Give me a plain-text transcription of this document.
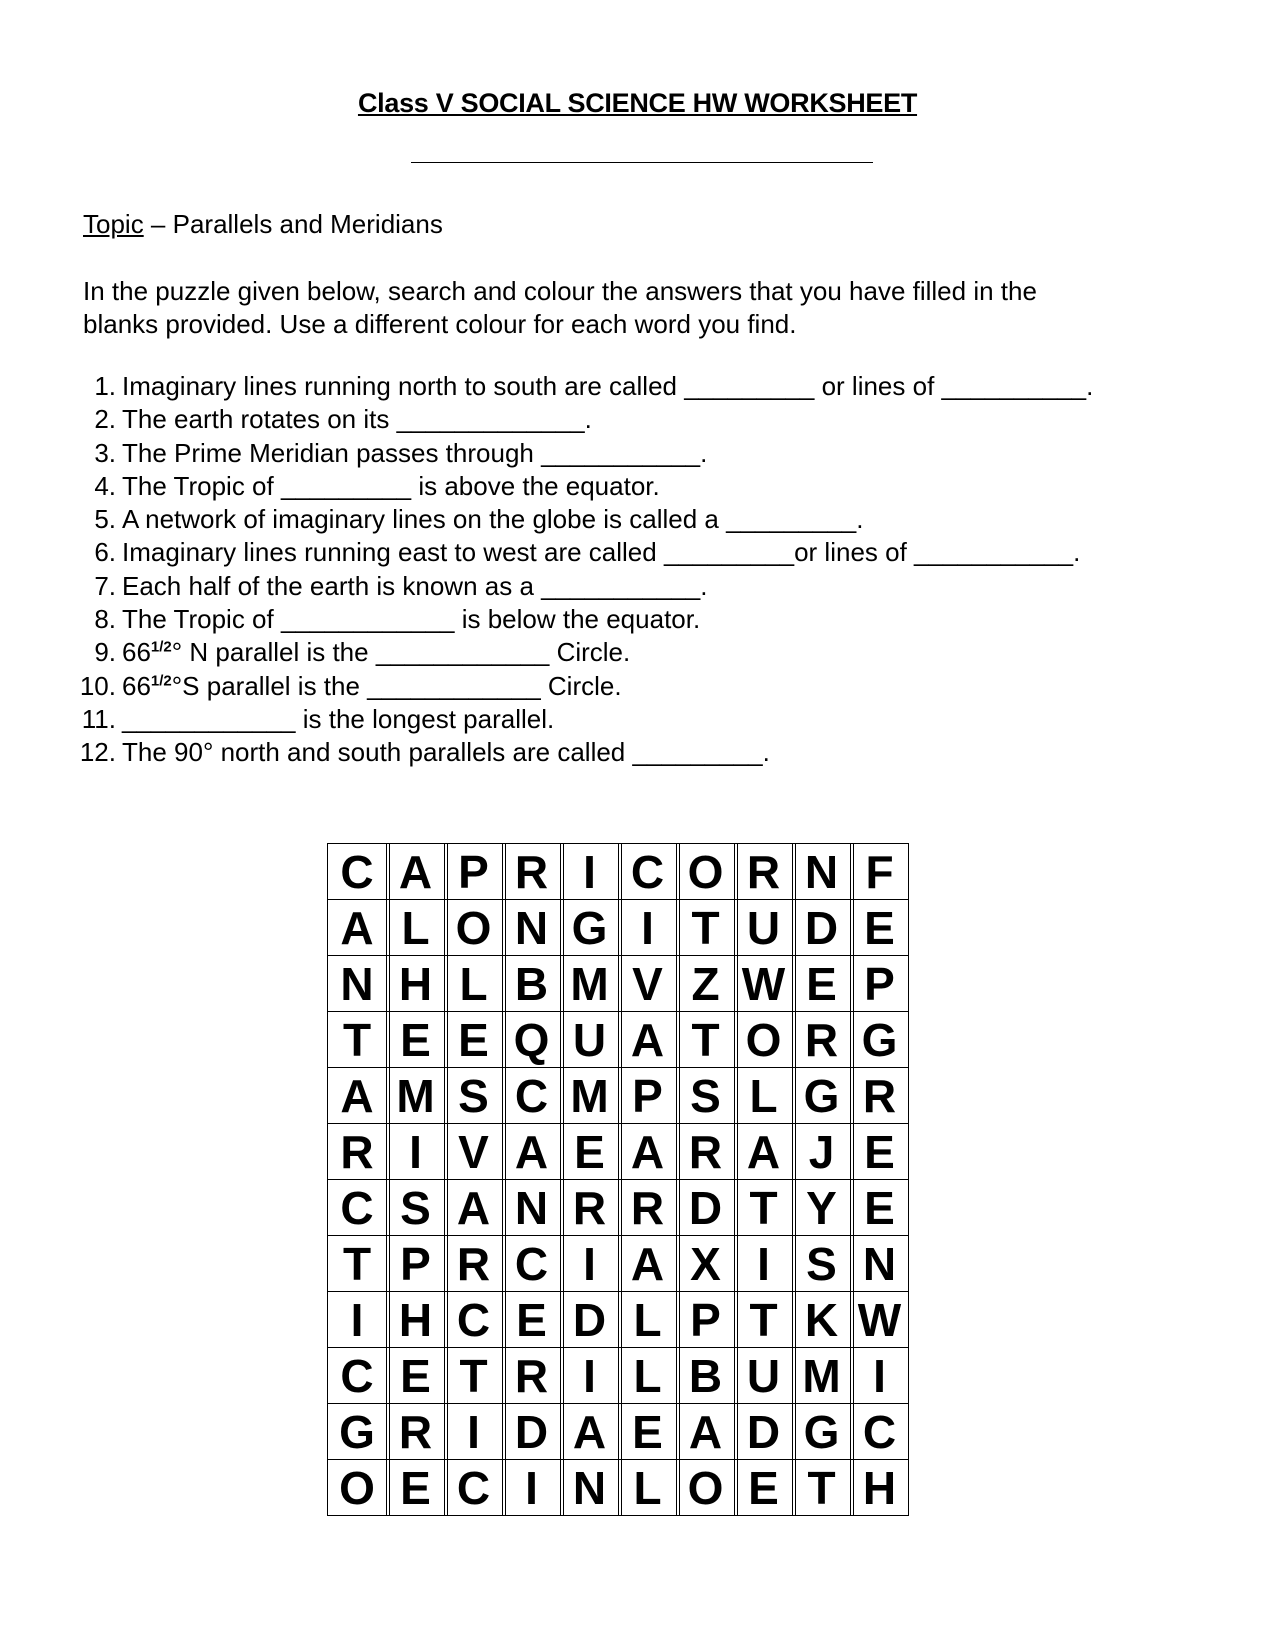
Class V SOCIAL SCIENCE HW WORKSHEET
Topic – Parallels and Meridians
In the puzzle given below, search and colour the answers that you have filled in the
blanks provided. Use a different colour for each word you find.
1. Imaginary lines running north to south are called _________ or lines of __________.
2. The earth rotates on its _____________.
3. The Prime Meridian passes through ___________.
4. The Tropic of _________ is above the equator.
5. A network of imaginary lines on the globe is called a _________.
6. Imaginary lines running east to west are called _________or lines of ___________.
7. Each half of the earth is known as a ___________.
8. The Tropic of ____________ is below the equator.
9. $66^{1/2}^\circ$ N parallel is the ____________ Circle.
10. $66^{1/2}^\circ S$ parallel is the ____________ Circle.
11. ____________ is the longest parallel.
12. The 90° north and south parallels are called _________.
C	A	P	R	I	C	O	R	N	F
A	L	O	N	G	I	T	U	D	E
N	H	L	B	M	V	Z	W	E	P
T	E	E	Q	U	A	T	O	R	G
A	M	S	C	M	P	S	L	G	R
R	I	V	A	E	A	R	A	J	E
C	S	A	N	R	R	D	T	Y	E
T	P	R	C	I	A	X	I	S	N
I	H	C	E	D	L	P	T	K	W
C	E	T	R	I	L	B	U	M	I
G	R	I	D	A	E	A	D	G	C
O	E	C	I	N	L	O	E	T	H
